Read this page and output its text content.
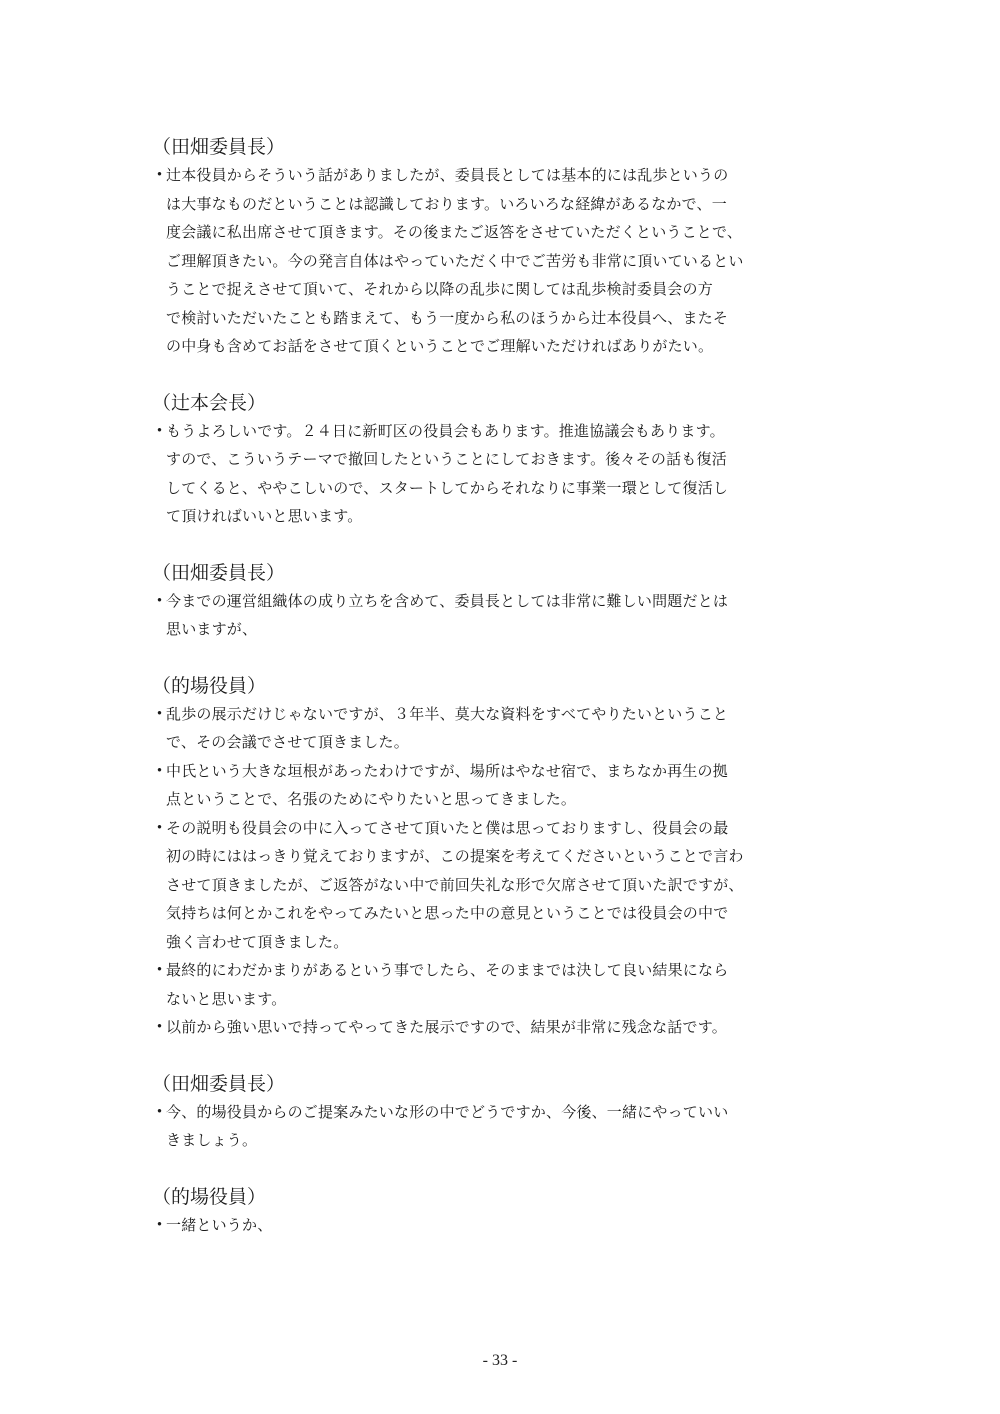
（田畑委員長）
・
辻本役員からそういう話がありましたが、委員長としては基本的には乱歩というの
は大事なものだということは認識しております。いろいろな経緯があるなかで、一
度会議に私出席させて頂きます。その後またご返答をさせていただくということで、
ご理解頂きたい。今の発言自体はやっていただく中でご苦労も非常に頂いているとい
うことで捉えさせて頂いて、それから以降の乱歩に関しては乱歩検討委員会の方
で検討いただいたことも踏まえて、もう一度から私のほうから辻本役員へ、またそ
の中身も含めてお話をさせて頂くということでご理解いただければありがたい。
（辻本会長）
・
もうよろしいです。２４日に新町区の役員会もあります。推進協議会もあります。
すので、こういうテーマで撤回したということにしておきます。後々その話も復活
してくると、ややこしいので、スタートしてからそれなりに事業一環として復活し
て頂ければいいと思います。
（田畑委員長）
・
今までの運営組織体の成り立ちを含めて、委員長としては非常に難しい問題だとは
思いますが、
（的場役員）
・
乱歩の展示だけじゃないですが、３年半、莫大な資料をすべてやりたいということ
で、その会議でさせて頂きました。
・
中氏という大きな垣根があったわけですが、場所はやなせ宿で、まちなか再生の拠
点ということで、名張のためにやりたいと思ってきました。
・
その説明も役員会の中に入ってさせて頂いたと僕は思っておりますし、役員会の最
初の時にははっきり覚えておりますが、この提案を考えてくださいということで言わ
させて頂きましたが、ご返答がない中で前回失礼な形で欠席させて頂いた訳ですが、
気持ちは何とかこれをやってみたいと思った中の意見ということでは役員会の中で
強く言わせて頂きました。
・
最終的にわだかまりがあるという事でしたら、そのままでは決して良い結果になら
ないと思います。
・
以前から強い思いで持ってやってきた展示ですので、結果が非常に残念な話です。
（田畑委員長）
・
今、的場役員からのご提案みたいな形の中でどうですか、今後、一緒にやっていい
きましょう。
（的場役員）
・
一緒というか、
- 33 -
